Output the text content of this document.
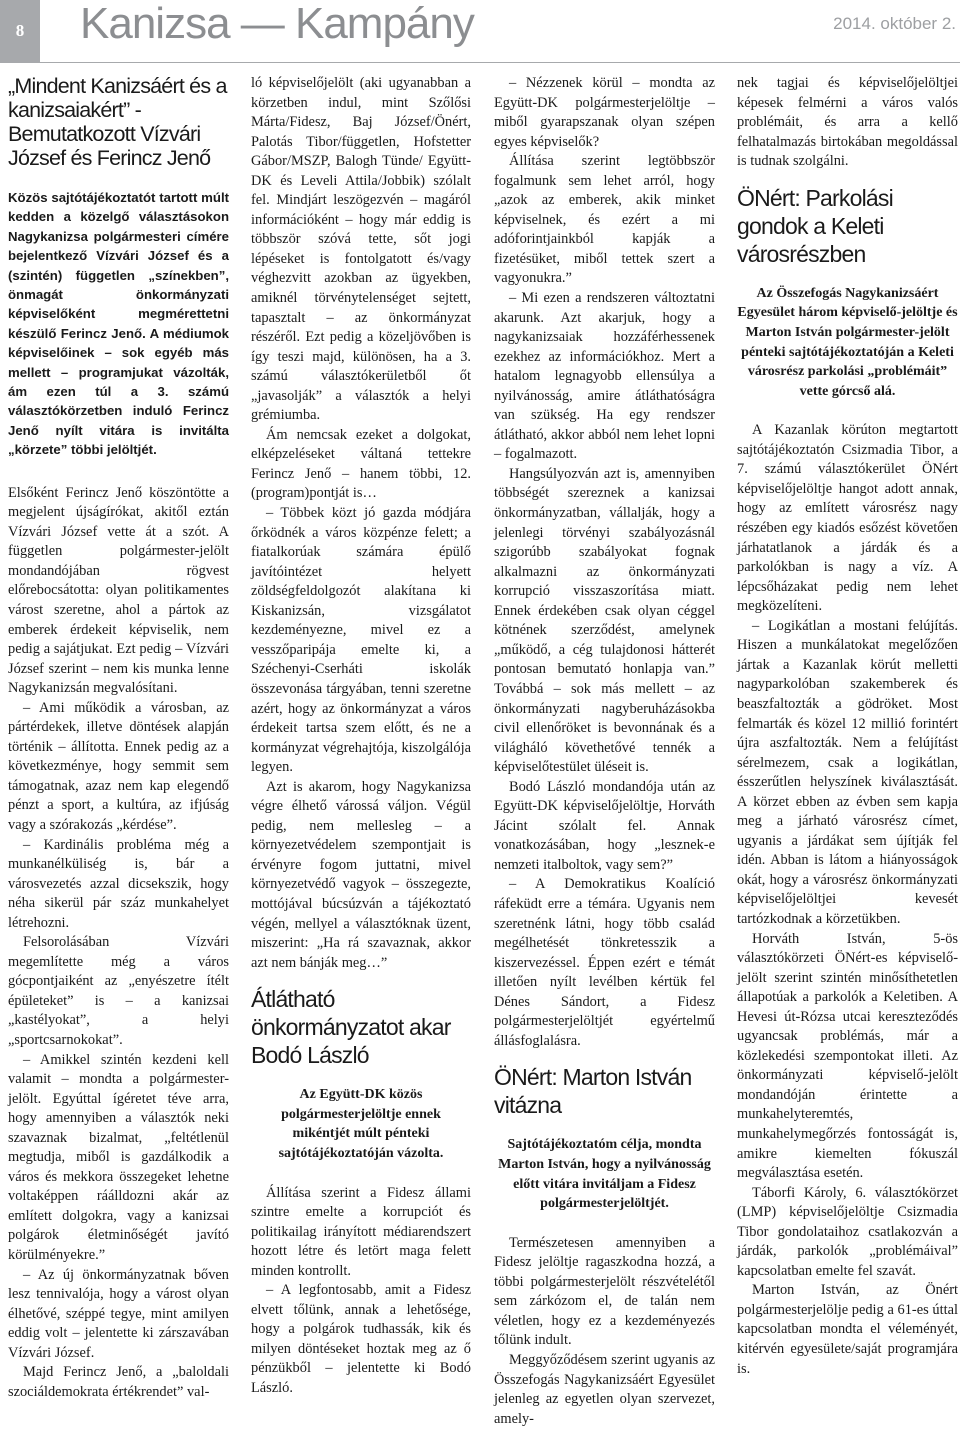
8	Kanizsa — Kampány	2014. október 2.
„Mindent Kanizsáért és a kanizsaiakért” - Bemutatkozott Vízvári József és Ferincz Jenő

Közös sajtótájékoztatót tartott múlt kedden a közelgő választásokon Nagykanizsa polgármesteri címére bejelentkező Vízvári József és a (szintén) független „színekben”, önmagát önkormányzati képviselőként megmérettetni készülő Ferincz Jenő. A médiumok képviselőinek – sok egyéb más mellett – programjukat vázolták, ám ezen túl a 3. számú választókörzetben induló Ferincz Jenő nyílt vitára is invitálta „körzete” többi jelöltjét.

Elsőként Ferincz Jenő köszöntötte a megjelent újságírókat, akitől eztán Vízvári József vette át a szót. A független polgármester-jelölt mondandójában rögvest előrebocsátotta: olyan politikamentes várost szeretne, ahol a pártok az emberek érdekeit képviselik, nem pedig a sajátjukat. Ezt pedig – Vízvári József szerint – nem kis munka lenne Nagykanizsán megvalósítani.

– Ami működik a városban, az pártérdekek, illetve döntések alapján történik – állította. Ennek pedig az a következménye, hogy semmit sem támogatnak, azaz nem kap elegendő pénzt a sport, a kultúra, az ifjúság vagy a szórakozás „kérdése”.

– Kardinális probléma még a munkanélküliség is, bár a városvezetés azzal dicsekszik, hogy néha sikerül pár száz munkahelyet létrehozni.

Felsorolásában Vízvári megemlítette még a város gócpontjaiként az „enyészetre ítélt épületeket” is – a kanizsai „kastélyokat”, a helyi „sportcsarnokokat”.

– Amikkel szintén kezdeni kell valamit – mondta a polgármester-jelölt. Egyúttal ígéretet téve arra, hogy amennyiben a választók neki szavaznak bizalmat, „feltétlenül megtudja, miből is gazdálkodik a város és mekkora összegeket lehetne voltaképpen ráálldozni akár az említett dolgokra, vagy a kanizsai polgárok életminőségét javító körülményekre.”

– Az új önkormányzatnak bőven lesz tennivalója, hogy a várost olyan élhetővé, széppé tegye, mint amilyen eddig volt – jelentette ki zárszavában Vízvári József.

Majd Ferincz Jenő, a „baloldali szociáldemokrata értékrendet” val-

ló képviselőjelölt (aki ugyanabban a körzetben indul, mint Szőlősi Márta/Fidesz, Baj József/Önért, Palotás Tibor/független, Hofstetter Gábor/MSZP, Balogh Tünde/ Együtt-DK és Leveli Attila/Jobbik) szólalt fel. Mindjárt leszögezvén – magáról információként – hogy már eddig is többször szóvá tette, sőt jogi lépéseket is fontolgatott és/vagy véghezvitt azokban az ügyekben, amiknél törvénytelenséget sejtett, tapasztalt – az önkormányzat részéről. Ezt pedig a közeljövőben is így teszi majd, különösen, ha a 3. számú választókerületből őt „javasolják” a választók a helyi grémiumba.

Ám nemcsak ezeket a dolgokat, elképzeléseket váltaná tettekre Ferincz Jenő – hanem többi, 12. (program)pontját is…

– Többek közt jó gazda módjára őrködnék a város közpénze felett; a fiatalkorúak számára épülő javítóintézet helyett zöldségfeldolgozót alakítana ki Kiskanizsán, vizsgálatot kezdeményezne, mivel ez a vesszőparipája emelte ki, a Széchenyi-Cserháti iskolák összevonása tárgyában, tenni szeretne azért, hogy az önkormányzat a város érdekeit tartsa szem előtt, és ne a kormányzat végrehajtója, kiszolgálója legyen.

Azt is akarom, hogy Nagykanizsa végre élhető várossá váljon. Végül pedig, nem mellesleg – a környezetvédelem szempontjait is érvényre fogom juttatni, mivel környezetvédő vagyok – összegezte, mottójával búcsúzván a tájékoztató végén, mellyel a választóknak üzent, miszerint: „Ha rá szavaznak, akkor azt nem bánják meg…”

Átlátható önkormányzatot akar Bodó László

Az Együtt-DK közös polgármesterjelöltje ennek mikéntjét múlt pénteki sajtótájékoztatóján vázolta.

Állítása szerint a Fidesz állami szintre emelte a korrupciót és politikailag irányított médiarendszert hozott létre és letört maga felett minden kontrollt.

– A legfontosabb, amit a Fidesz elvett tőlünk, annak a lehetősége, hogy a polgárok tudhassák, kik és milyen döntéseket hoztak meg az ő pénzükből – jelentette ki Bodó László.

– Nézzenek körül – mondta az Együtt-DK polgármesterjelöltje – miből gyarapszanak olyan szépen egyes képviselők?

Állítása szerint legtöbbször fogalmunk sem lehet arról, hogy „azok az emberek, akik minket képviselnek, és ezért a mi adóforintjainkból kapják a fizetésüket, miből tettek szert a vagyonukra.”

– Mi ezen a rendszeren változtatni akarunk. Azt akarjuk, hogy a nagykanizsaiak hozzáférhessenek ezekhez az információkhoz. Mert a hatalom legnagyobb ellensúlya a nyilvánosság, amire átláthatóságra van szükség. Ha egy rendszer átlátható, akkor abból nem lehet lopni – fogalmazott.

Hangsúlyozván azt is, amennyiben többségét szereznek a kanizsai önkormányzatban, vállalják, hogy a jelenlegi törvényi szabályozásnál szigorúbb szabályokat fognak alkalmazni az önkormányzati korrupció visszaszorítása miatt. Ennek érdekében csak olyan céggel kötnének szerződést, amelynek „működő, a cég tulajdonosi hátterét pontosan bemutató honlapja van.” Továbbá – sok más mellett – az önkormányzati nagyberuházásokba civil ellenőröket is bevonnának és a világháló követhetővé tennék a képviselőtestület üléseit is.

Bodó László mondandója után az Együtt-DK képviselőjelöltje, Horváth Jácint szólalt fel. Annak vonatkozásában, hogy „lesznek-e nemzeti italboltok, vagy sem?”

– A Demokratikus Koalíció ráfeküdt erre a témára. Ugyanis nem szeretnénk látni, hogy több család megélhetését tönkretesszik a kiszervezéssel. Éppen ezért e témát illetően nyílt levélben kértük fel Dénes Sándort, a Fidesz polgármesterjelöltjét egyértelmű állásfoglalásra.

ÖNért: Marton István vitázna

Sajtótájékoztatóm célja, mondta Marton István, hogy a nyilvánosság előtt vitára invitáljam a Fidesz polgármesterjelöltjét.

Természetesen amennyiben a Fidesz jelöltje ragaszkodna hozzá, a többi polgármesterjelölt részvételétől sem zárkózom el, de talán nem véletlen, hogy ez a kezdeményezés tőlünk indult.

Meggyőződésem szerint ugyanis az Összefogás Nagykanizsáért Egyesület jelenleg az egyetlen olyan szervezet, amely-

nek tagjai és képviselőjelöltjei képesek felmérni a város valós problémáit, és arra a kellő felhatalmazás birtokában megoldással is tudnak szolgálni.

ÖNért: Parkolási gondok a Keleti városrészben

Az Összefogás Nagykanizsáért Egyesület három képviselő-jelöltje és Marton István polgármester-jelölt pénteki sajtótájékoztatóján a Keleti városrész parkolási „problémáit” vette górcső alá.

A Kazanlak körúton megtartott sajtótájékoztatón Csizmadia Tibor, a 7. számú választókerület ÖNért képviselőjelöltje hangot adott annak, hogy az említett városrész nagy részében egy kiadós esőzést követően járhatatlanok a járdák és a parkolókban is nagy a víz. A lépcsőházakat pedig nem lehet megközelíteni.

– Logikátlan a mostani felújítás. Hiszen a munkálatokat megelőzően jártak a Kazanlak körút melletti nagyparkolóban szakemberek és beaszfaltozták a gödröket. Most felmarták és közel 12 millió forintért újra aszfaltozták. Nem a felújítást sérelmezem, csak a logikátlan, ésszerűtlen helyszínek kiválasztását. A körzet ebben az évben sem kapja meg a járható városrész címet, ugyanis a járdákat sem újítják fel idén. Abban is látom a hiányosságok okát, hogy a városrész önkormányzati képviselőjelöltjei kevesét tartózkodnak a körzetükben.

Horváth István, 5-ös választókörzeti ÖNért-es képviselő-jelölt szerint szintén minősíthetetlen állapotúak a parkolók a Keletiben. A Hevesi út-Rózsa utcai kereszteződés ugyancsak problémás, már a közlekedési szempontokat illeti. Az önkormányzati képviselő-jelölt mondandóján érintette a munkahelyteremtés, munkahelymegőrzés fontosságát is, amikre kiemelten fókuszál megválasztása esetén.

Táborfi Károly, 6. választókörzet (LMP) képviselőjelöltje Csizmadia Tibor gondolataihoz csatlakozván a járdák, parkolók „problémáival” kapcsolatban emelte fel szavát.

Marton István, az Önért polgármesterjelölje pedig a 61-es úttal kapcsolatban mondta el véleményét, kitérvén egyesülete/saját programjára is.
